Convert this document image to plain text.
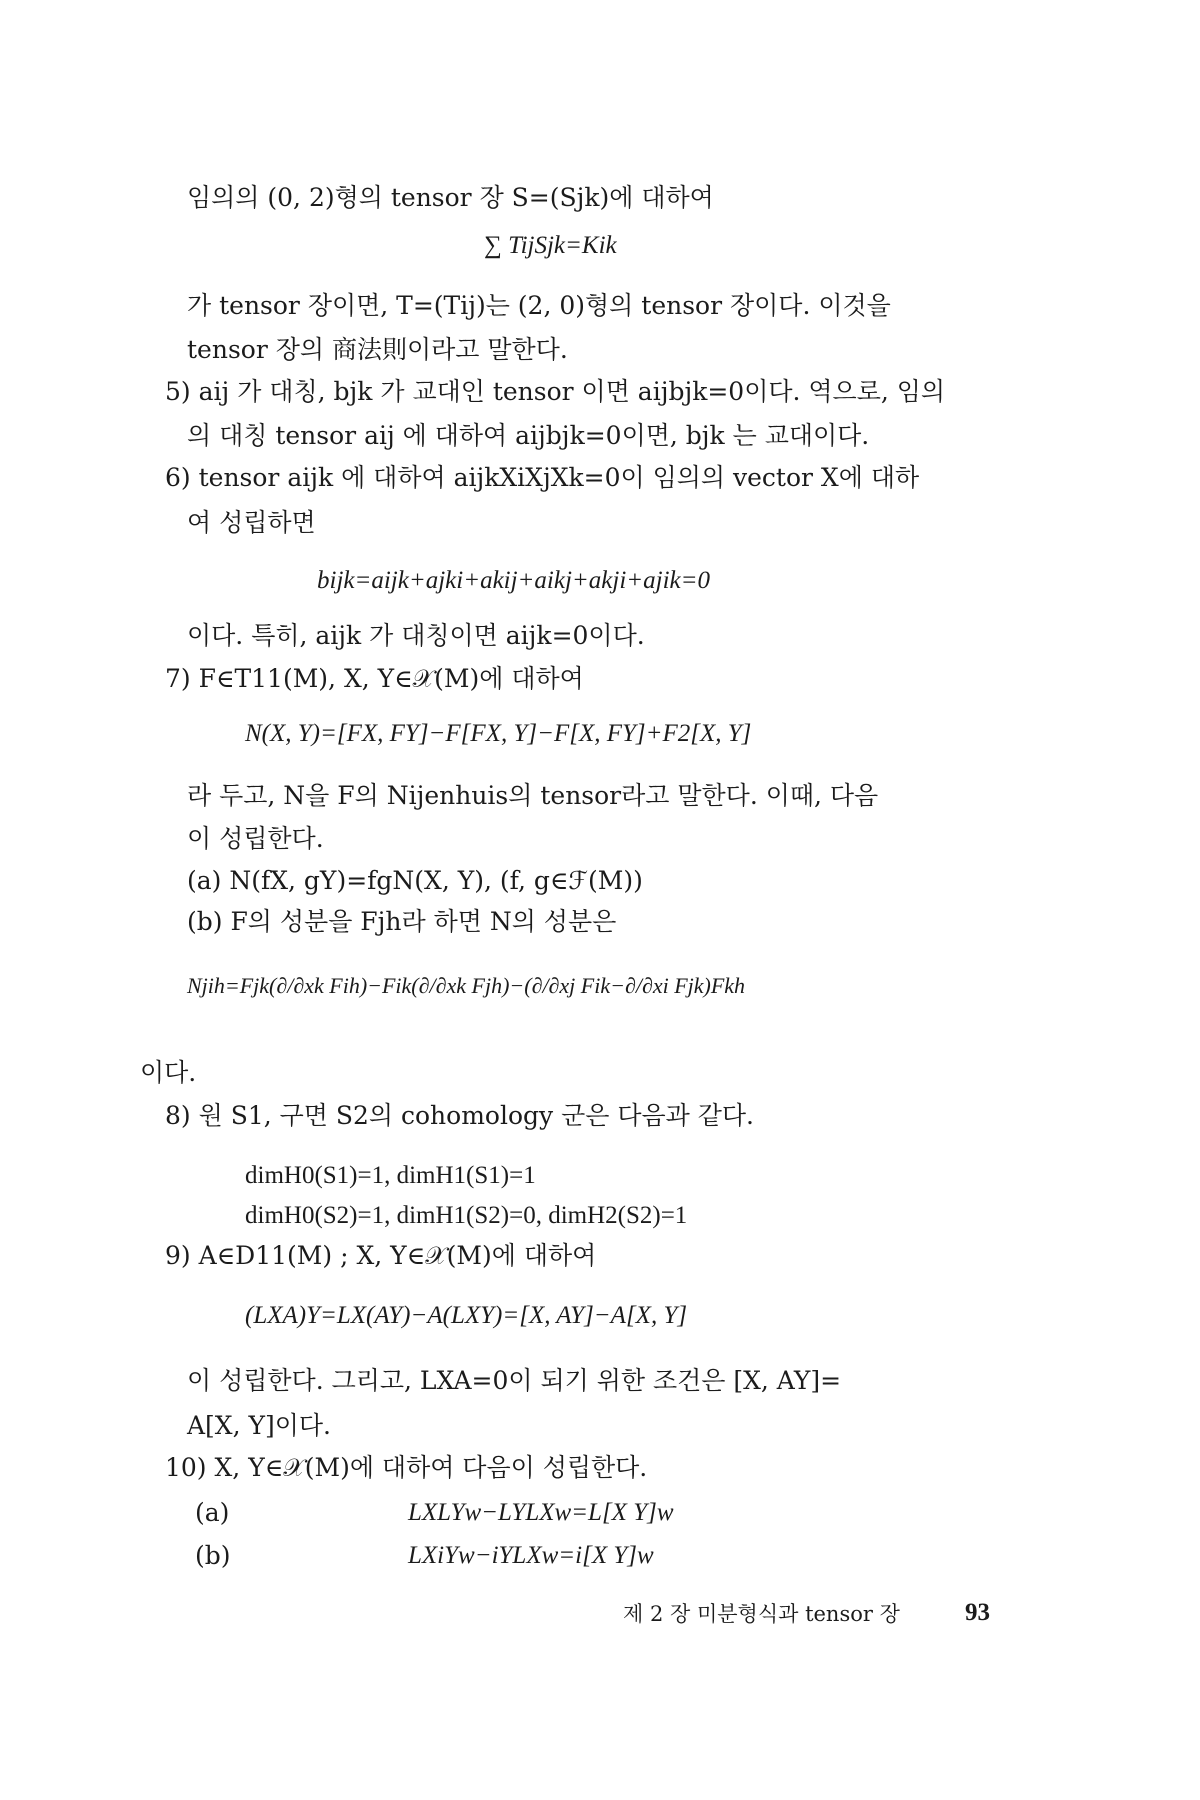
임의의 (0, 2)형의 tensor 장 S=(Sjk)에 대하여
∑ TijSjk=Kik
가 tensor 장이면, T=(Tij)는 (2, 0)형의 tensor 장이다. 이것을
tensor 장의 商法則이라고 말한다.
5) aij 가 대칭, bjk 가 교대인 tensor 이면 aijbjk=0이다. 역으로, 임의
의 대칭 tensor aij 에 대하여 aijbjk=0이면, bjk 는 교대이다.
6) tensor aijk 에 대하여 aijkXiXjXk=0이 임의의 vector X에 대하
여 성립하면
bijk=aijk+ajki+akij+aikj+akji+ajik=0
이다. 특히, aijk 가 대칭이면 aijk=0이다.
7) F∈T11(M), X, Y∈𝒳(M)에 대하여
N(X, Y)=[FX, FY]−F[FX, Y]−F[X, FY]+F2[X, Y]
라 두고, N을 F의 Nijenhuis의 tensor라고 말한다. 이때, 다음
이 성립한다.
(a) N(fX, gY)=fgN(X, Y), (f, g∈ℱ(M))
(b) F의 성분을 Fjh라 하면 N의 성분은
Njih=Fjk(∂/∂xk Fih)−Fik(∂/∂xk Fjh)−(∂/∂xj Fik−∂/∂xi Fjk)Fkh
이다.
8) 원 S1, 구면 S2의 cohomology 군은 다음과 같다.
dimH0(S1)=1, dimH1(S1)=1
dimH0(S2)=1, dimH1(S2)=0, dimH2(S2)=1
9) A∈D11(M) ; X, Y∈𝒳(M)에 대하여
(LXA)Y=LX(AY)−A(LXY)=[X, AY]−A[X, Y]
이 성립한다. 그리고, LXA=0이 되기 위한 조건은 [X, AY]=
A[X, Y]이다.
10) X, Y∈𝒳(M)에 대하여 다음이 성립한다.
(a)	LXLYw−LYLXw=L[X Y]w
(b)	LXiYw−iYLXw=i[X Y]w
제 2 장 미분형식과 tensor 장	93
